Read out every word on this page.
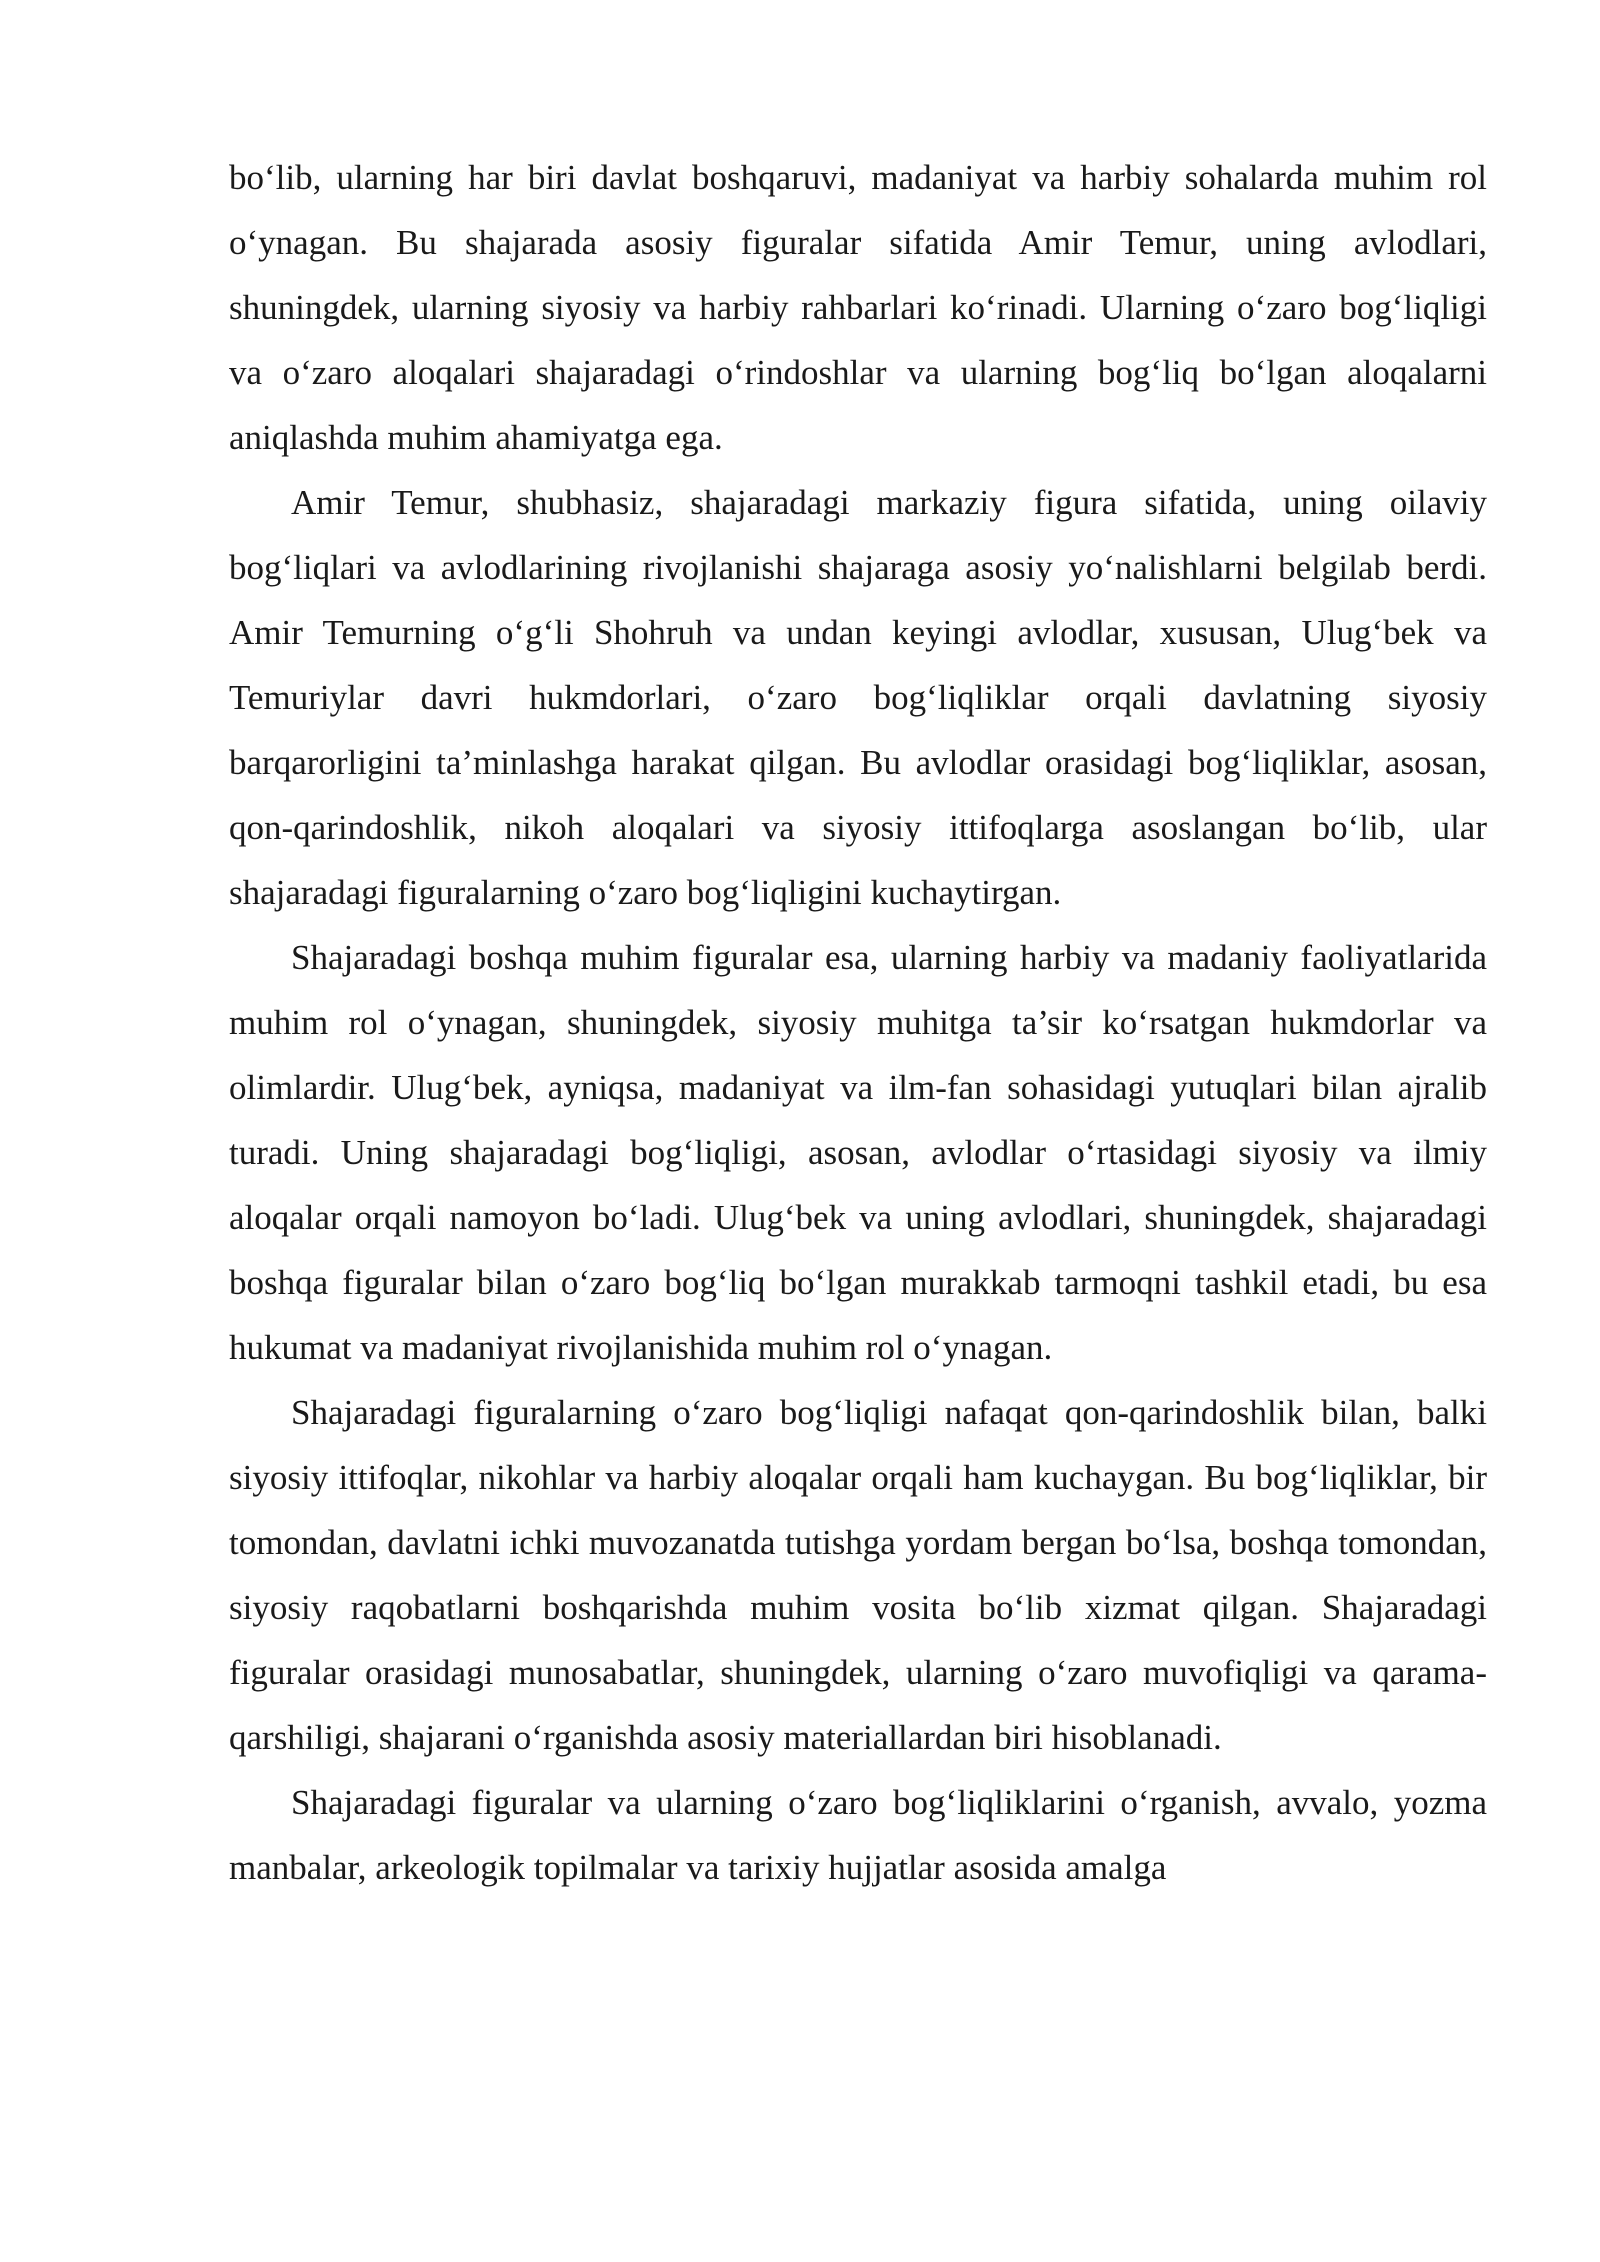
bo‘lib, ularning har biri davlat boshqaruvi, madaniyat va harbiy sohalarda muhim rol o‘ynagan. Bu shajarada asosiy figuralar sifatida Amir Temur, uning avlodlari, shuningdek, ularning siyosiy va harbiy rahbarlari ko‘rinadi. Ularning o‘zaro bog‘liqligi va o‘zaro aloqalari shajaradagi o‘rindoshlar va ularning bog‘liq bo‘lgan aloqalarni aniqlashda muhim ahamiyatga ega.

Amir Temur, shubhasiz, shajaradagi markaziy figura sifatida, uning oilaviy bog‘liqlari va avlodlarining rivojlanishi shajaraga asosiy yo‘nalishlarni belgilab berdi. Amir Temurning o‘g‘li Shohruh va undan keyingi avlodlar, xususan, Ulug‘bek va Temuriylar davri hukmdorlari, o‘zaro bog‘liqliklar orqali davlatning siyosiy barqarorligini ta’minlashga harakat qilgan. Bu avlodlar orasidagi bog‘liqliklar, asosan, qon-qarindoshlik, nikoh aloqalari va siyosiy ittifoqlarga asoslangan bo‘lib, ular shajaradagi figuralarning o‘zaro bog‘liqligini kuchaytirgan.

Shajaradagi boshqa muhim figuralar esa, ularning harbiy va madaniy faoliyatlarida muhim rol o‘ynagan, shuningdek, siyosiy muhitga ta’sir ko‘rsatgan hukmdorlar va olimlardir. Ulug‘bek, ayniqsa, madaniyat va ilm-fan sohasidagi yutuqlari bilan ajralib turadi. Uning shajaradagi bog‘liqligi, asosan, avlodlar o‘rtasidagi siyosiy va ilmiy aloqalar orqali namoyon bo‘ladi. Ulug‘bek va uning avlodlari, shuningdek, shajaradagi boshqa figuralar bilan o‘zaro bog‘liq bo‘lgan murakkab tarmoqni tashkil etadi, bu esa hukumat va madaniyat rivojlanishida muhim rol o‘ynagan.

Shajaradagi figuralarning o‘zaro bog‘liqligi nafaqat qon-qarindoshlik bilan, balki siyosiy ittifoqlar, nikohlar va harbiy aloqalar orqali ham kuchaygan. Bu bog‘liqliklar, bir tomondan, davlatni ichki muvozanatda tutishga yordam bergan bo‘lsa, boshqa tomondan, siyosiy raqobatlarni boshqarishda muhim vosita bo‘lib xizmat qilgan. Shajaradagi figuralar orasidagi munosabatlar, shuningdek, ularning o‘zaro muvofiqligi va qarama-qarshiligi, shajarani o‘rganishda asosiy materiallardan biri hisoblanadi.

Shajaradagi figuralar va ularning o‘zaro bog‘liqliklarini o‘rganish, avvalo, yozma manbalar, arkeologik topilmalar va tarixiy hujjatlar asosida amalga
